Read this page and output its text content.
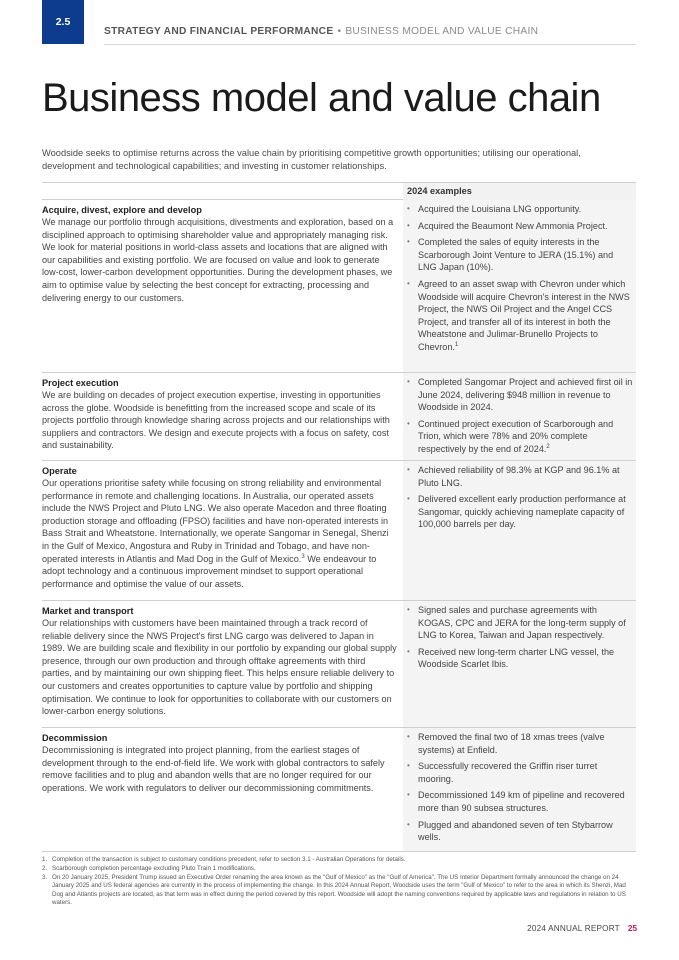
2.5
STRATEGY AND FINANCIAL PERFORMANCE • BUSINESS MODEL AND VALUE CHAIN
Business model and value chain

Woodside seeks to optimise returns across the value chain by prioritising competitive growth opportunities; utilising our operational, development and technological capabilities; and investing in customer relationships.

2024 examples
Acquire, divest, explore and develop
We manage our portfolio through acquisitions, divestments and exploration, based on a disciplined approach to optimising shareholder value and appropriately managing risk. We look for material positions in world-class assets and locations that are aligned with our capabilities and existing portfolio. We are focused on value and look to generate low-cost, lower-carbon development opportunities. During the development phases, we aim to optimise value by selecting the best concept for extracting, processing and delivering energy to our customers.
• Acquired the Louisiana LNG opportunity.
• Acquired the Beaumont New Ammonia Project.
• Completed the sales of equity interests in the Scarborough Joint Venture to JERA (15.1%) and LNG Japan (10%).
• Agreed to an asset swap with Chevron under which Woodside will acquire Chevron's interest in the NWS Project, the NWS Oil Project and the Angel CCS Project, and transfer all of its interest in both the Wheatstone and Julimar-Brunello Projects to Chevron.$^1$
Project execution
We are building on decades of project execution expertise, investing in opportunities across the globe. Woodside is benefitting from the increased scope and scale of its projects portfolio through knowledge sharing across projects and our relationships with suppliers and contractors. We design and execute projects with a focus on safety, cost and sustainability.
• Completed Sangomar Project and achieved first oil in June 2024, delivering $948 million in revenue to Woodside in 2024.
• Continued project execution of Scarborough and Trion, which were 78% and 20% complete respectively by the end of 2024.$^2$
Operate
Our operations prioritise safety while focusing on strong reliability and environmental performance in remote and challenging locations. In Australia, our operated assets include the NWS Project and Pluto LNG. We also operate Macedon and three floating production storage and offloading (FPSO) facilities and have non-operated interests in Bass Strait and Wheatstone. Internationally, we operate Sangomar in Senegal, Shenzi in the Gulf of Mexico, Angostura and Ruby in Trinidad and Tobago, and have non-operated interests in Atlantis and Mad Dog in the Gulf of Mexico.$^3$ We endeavour to adopt technology and a continuous improvement mindset to support operational performance and optimise the value of our assets.
• Achieved reliability of 98.3% at KGP and 96.1% at Pluto LNG.
• Delivered excellent early production performance at Sangomar, quickly achieving nameplate capacity of 100,000 barrels per day.
Market and transport
Our relationships with customers have been maintained through a track record of reliable delivery since the NWS Project's first LNG cargo was delivered to Japan in 1989. We are building scale and flexibility in our portfolio by expanding our global supply presence, through our own production and through offtake agreements with third parties, and by maintaining our own shipping fleet. This helps ensure reliable delivery to our customers and creates opportunities to capture value by portfolio and shipping optimisation. We continue to look for opportunities to collaborate with our customers on lower-carbon energy solutions.
• Signed sales and purchase agreements with KOGAS, CPC and JERA for the long-term supply of LNG to Korea, Taiwan and Japan respectively.
• Received new long-term charter LNG vessel, the Woodside Scarlet Ibis.
Decommission
Decommissioning is integrated into project planning, from the earliest stages of development through to the end-of-field life. We work with global contractors to safely remove facilities and to plug and abandon wells that are no longer required for our operations. We work with regulators to deliver our decommissioning commitments.
• Removed the final two of 18 xmas trees (valve systems) at Enfield.
• Successfully recovered the Griffin riser turret mooring.
• Decommissioned 149 km of pipeline and recovered more than 90 subsea structures.
• Plugged and abandoned seven of ten Stybarrow wells.
1. Completion of the transaction is subject to customary conditions precedent, refer to section 3.1 - Australian Operations for details.
2. Scarborough completion percentage excluding Pluto Train 1 modifications.
3. On 20 January 2025, President Trump issued an Executive Order renaming the area known as the "Gulf of Mexico" as the "Gulf of America". The US Interior Department formally announced the change on 24 January 2025 and US federal agencies are currently in the process of implementing the change. In this 2024 Annual Report, Woodside uses the term "Gulf of Mexico" to refer to the area in which its Shenzi, Mad Dog and Atlantis projects are located, as that term was in effect during the period covered by this report. Woodside will adopt the naming conventions required by applicable laws and regulations in relation to US waters.
2024 ANNUAL REPORT 25
